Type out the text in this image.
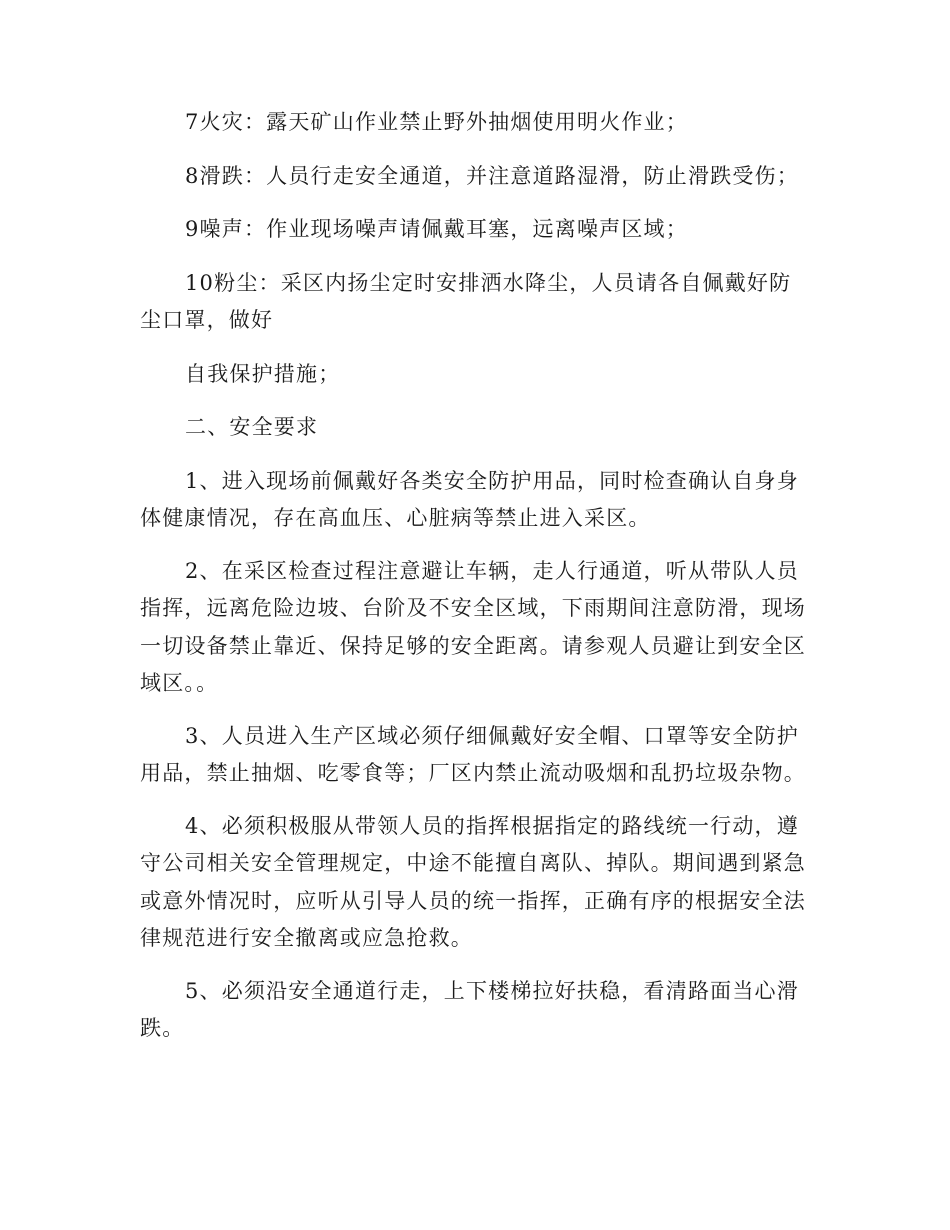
7火灾：露天矿山作业禁止野外抽烟使用明火作业；

8滑跌：人员行走安全通道，并注意道路湿滑，防止滑跌受伤；

9噪声：作业现场噪声请佩戴耳塞，远离噪声区域；

10粉尘：采区内扬尘定时安排洒水降尘，人员请各自佩戴好防尘口罩，做好

自我保护措施；

二、安全要求

1、进入现场前佩戴好各类安全防护用品，同时检查确认自身身体健康情况，存在高血压、心脏病等禁止进入采区。

2、在采区检查过程注意避让车辆，走人行通道，听从带队人员指挥，远离危险边坡、台阶及不安全区域，下雨期间注意防滑，现场一切设备禁止靠近、保持足够的安全距离。请参观人员避让到安全区域区。。

3、人员进入生产区域必须仔细佩戴好安全帽、口罩等安全防护用品，禁止抽烟、吃零食等；厂区内禁止流动吸烟和乱扔垃圾杂物。

4、必须积极服从带领人员的指挥根据指定的路线统一行动，遵守公司相关安全管理规定，中途不能擅自离队、掉队。期间遇到紧急或意外情况时，应听从引导人员的统一指挥，正确有序的根据安全法律规范进行安全撤离或应急抢救。

5、必须沿安全通道行走，上下楼梯拉好扶稳，看清路面当心滑跌。
